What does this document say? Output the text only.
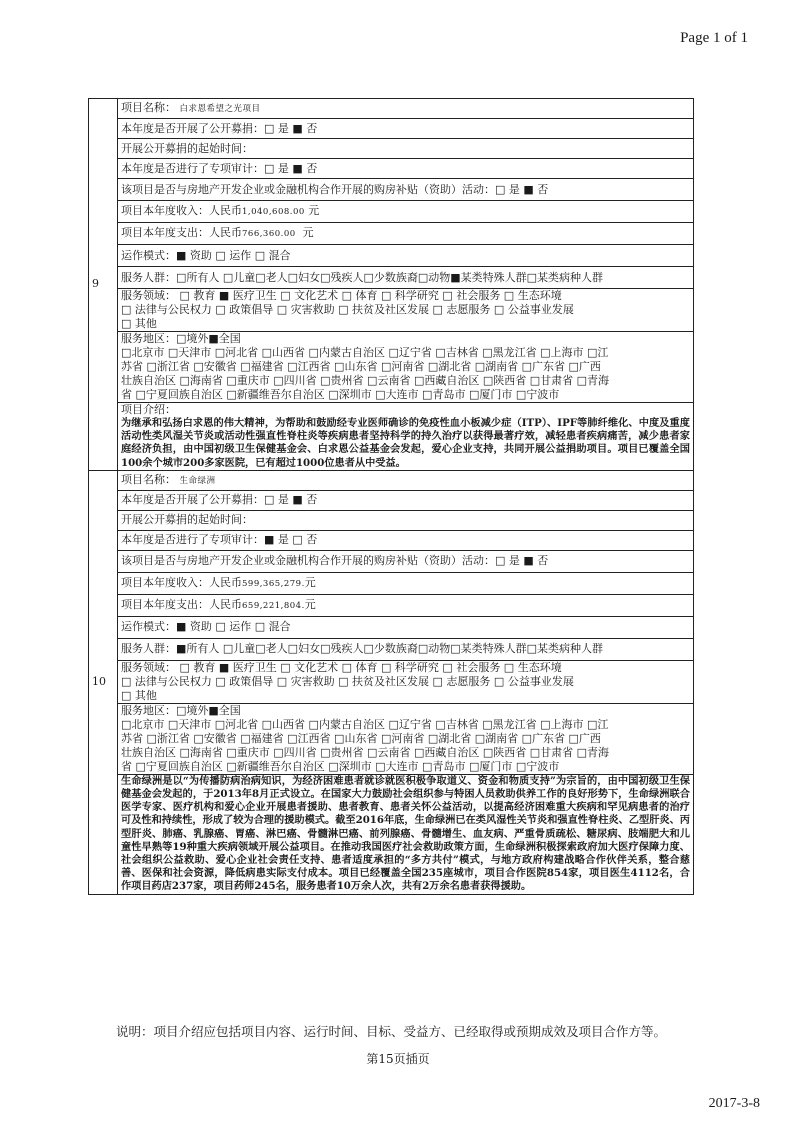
Page 1 of 1
9	项目名称： 白求恩希望之光项目
	本年度是否开展了公开募捐：□ 是 ■ 否
	开展公开募捐的起始时间：
	本年度是否进行了专项审计：□ 是 ■ 否
	该项目是否与房地产开发企业或金融机构合作开展的购房补贴（资助）活动：□ 是 ■ 否
	项目本年度收入：人民币1,040,608.00 元
	项目本年度支出：人民币766,360.00 元
	运作模式：■ 资助 □ 运作 □ 混合
	服务人群：□所有人 □儿童□老人□妇女□残疾人□少数族裔□动物■某类特殊人群□某类病种人群

	服务领域： □ 教育 ■ 医疗卫生 □ 文化艺术 □ 体育 □ 科学研究 □ 社会服务 □ 生态环境
□ 法律与公民权力 □ 政策倡导 □ 灾害救助 □ 扶贫及社区发展 □ 志愿服务 □ 公益事业发展
□ 其他

	服务地区：□境外■全国
□北京市 □天津市 □河北省 □山西省 □内蒙古自治区 □辽宁省 □吉林省 □黑龙江省 □上海市 □江
苏省 □浙江省 □安徽省 □福建省 □江西省 □山东省 □河南省 □湖北省 □湖南省 □广东省 □广西
壮族自治区 □海南省 □重庆市 □四川省 □贵州省 □云南省 □西藏自治区 □陕西省 □甘肃省 □青海
省 □宁夏回族自治区 □新疆维吾尔自治区 □深圳市 □大连市 □青岛市 □厦门市 □宁波市

	项目介绍：
为继承和弘扬白求恩的伟大精神，为帮助和鼓励经专业医师确诊的免疫性血小板减少症（ITP）、IPF等肺纤维化、中度及重度活动性类风湿关节炎或活动性强直性脊柱炎等疾病患者坚持科学的持久治疗以获得最著疗效，减轻患者疾病痛苦，减少患者家庭经济负担，由中国初级卫生保健基金会、白求恩公益基金会发起，爱心企业支持，共同开展公益捐助项目。项目已覆盖全国100余个城市200多家医院，已有超过1000位患者从中受益。

10	项目名称： 生命绿洲
	本年度是否开展了公开募捐：□ 是 ■ 否
	开展公开募捐的起始时间：
	本年度是否进行了专项审计：■ 是 □ 否
	该项目是否与房地产开发企业或金融机构合作开展的购房补贴（资助）活动：□ 是 ■ 否
	项目本年度收入：人民币599,365,279.元
	项目本年度支出：人民币659,221,804.元
	运作模式：■ 资助 □ 运作 □ 混合
	服务人群：■所有人 □儿童□老人□妇女□残疾人□少数族裔□动物□某类特殊人群□某类病种人群

	服务领域： □ 教育 ■ 医疗卫生 □ 文化艺术 □ 体育 □ 科学研究 □ 社会服务 □ 生态环境
□ 法律与公民权力 □ 政策倡导 □ 灾害救助 □ 扶贫及社区发展 □ 志愿服务 □ 公益事业发展
□ 其他

	服务地区：□境外■全国
□北京市 □天津市 □河北省 □山西省 □内蒙古自治区 □辽宁省 □吉林省 □黑龙江省 □上海市 □江
苏省 □浙江省 □安徽省 □福建省 □江西省 □山东省 □河南省 □湖北省 □湖南省 □广东省 □广西
壮族自治区 □海南省 □重庆市 □四川省 □贵州省 □云南省 □西藏自治区 □陕西省 □甘肃省 □青海
省 □宁夏回族自治区 □新疆维吾尔自治区 □深圳市 □大连市 □青岛市 □厦门市 □宁波市

	生命绿洲是以“为传播防病治病知识，为经济困难患者就诊就医积极争取道义、资金和物质支持”为宗旨的，由中国初级卫生保健基金会发起的，于2013年8月正式设立。在国家大力鼓励社会组织参与特困人员救助供养工作的良好形势下，生命绿洲联合医学专家、医疗机构和爱心企业开展患者援助、患者教育、患者关怀公益活动，以提高经济困难重大疾病和罕见病患者的治疗可及性和持续性，形成了较为合理的援助模式。截至2016年底，生命绿洲已在类风湿性关节炎和强直性脊柱炎、乙型肝炎、丙型肝炎、肺癌、乳腺癌、胃癌、淋巴癌、骨髓淋巴癌、前列腺癌、骨髓增生、血友病、严重骨质疏松、糖尿病、肢端肥大和儿童性早熟等19种重大疾病领域开展公益项目。在推动我国医疗社会救助政策方面，生命绿洲积极探索政府加大医疗保障力度、社会组织公益救助、爱心企业社会责任支持、患者适度承担的“多方共付”模式，与地方政府构建战略合作伙伴关系，整合慈善、医保和社会资源，降低病患实际支付成本。项目已经覆盖全国235座城市，项目合作医院854家，项目医生4112名，合作项目药店237家，项目药师245名，服务患者10万余人次，共有2万余名患者获得援助。
说明：项目介绍应包括项目内容、运行时间、目标、受益方、已经取得或预期成效及项目合作方等。
第15页插页
2017-3-8
